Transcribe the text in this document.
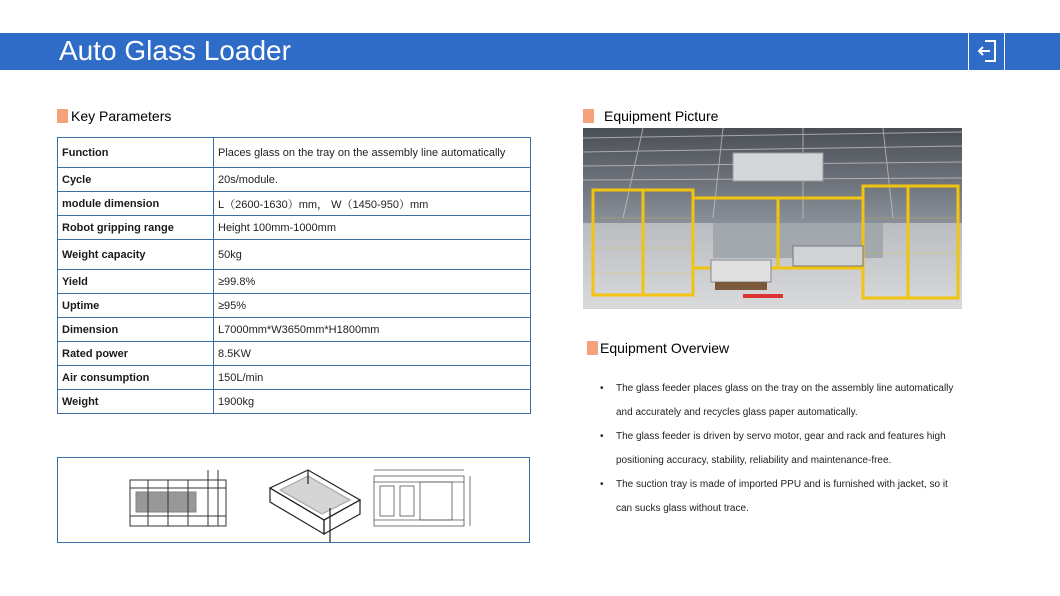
Auto Glass Loader
Key Parameters
Function	Places glass on the tray on the assembly line automatically
Cycle	20s/module.
module dimension	L（2600-1630）mm， W（1450-950）mm
Robot gripping range	Height 100mm-1000mm
Weight capacity	50kg
Yield	≥99.8%
Uptime	≥95%
Dimension	L7000mm*W3650mm*H1800mm
Rated power	8.5KW
Air consumption	150L/min
Weight	1900kg
Equipment Picture
Equipment Overview
• The glass feeder places glass on the tray on the assembly line automatically and accurately and recycles glass paper automatically.
• The glass feeder is driven by servo motor, gear and rack and features high positioning accuracy, stability, reliability and maintenance-free.
• The suction tray is made of imported PPU and is furnished with jacket, so it can sucks glass without trace.
